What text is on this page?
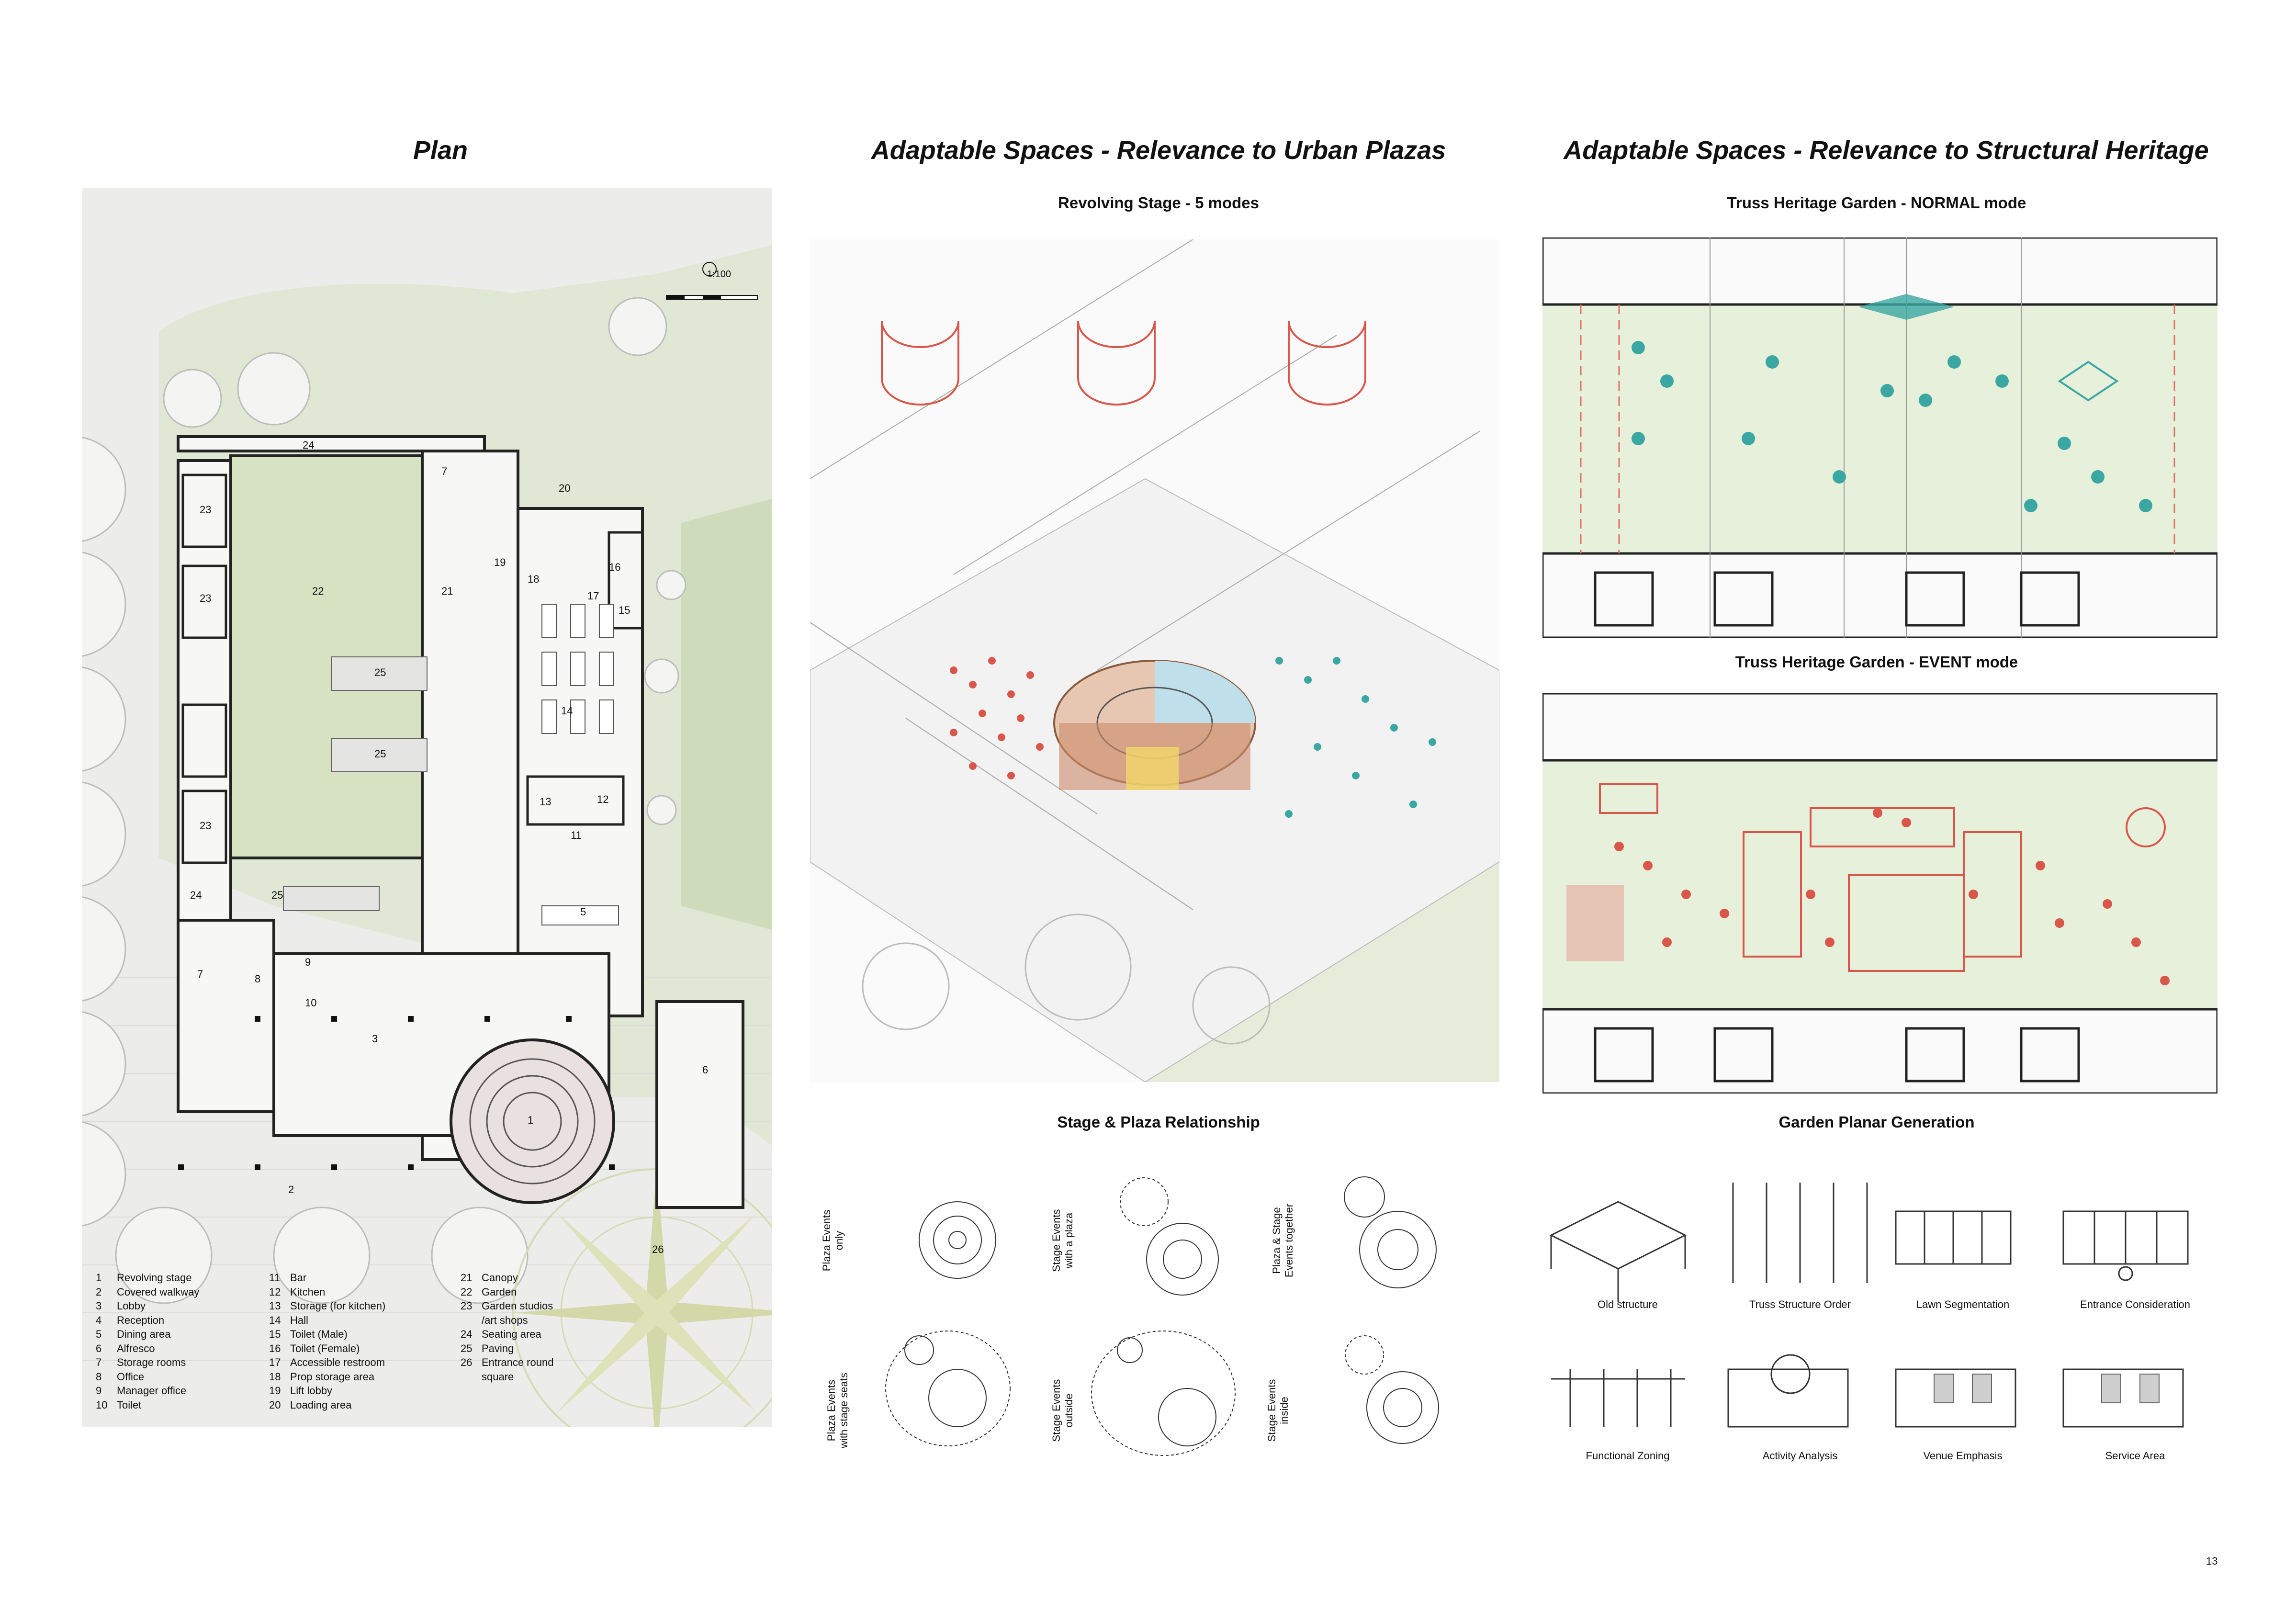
Plan	Adaptable Spaces - Relevance to Urban Plazas	Adaptable Spaces - Relevance to Structural Heritage
Revolving Stage - 5 modes	Truss Heritage Garden - NORMAL mode
Truss Heritage Garden - EVENT mode
Stage & Plaza Relationship	Garden Planar Generation
1:100
24
7
20
23
22
19
21
18
16
17
15
23
25
14
25
23
13	12
11
24	25
5
7	8
9
10
3
1
6
2
26
1 Revolving stage
2 Covered walkway
3 Lobby
4 Reception
5 Dining area
6 Alfresco
7 Storage rooms
8 Office
9 Manager office
10 Toilet
11 Bar
12 Kitchen
13 Storage (for kitchen)
14 Hall
15 Toilet (Male)
16 Toilet (Female)
17 Accessible restroom
18 Prop storage area
19 Lift lobby
20 Loading area
21 Canopy
22 Garden
23 Garden studios
/art shops
24 Seating area
25 Paving
26 Entrance round
square
Plaza Events only	Stage Events with a plaza	Plaza & Stage Events together
Plaza Events with stage seats	Stage Events outside	Stage Events inside
Old structure	Truss Structure Order	Lawn Segmentation	Entrance Consideration
Functional Zoning	Activity Analysis	Venue Emphasis	Service Area
13
